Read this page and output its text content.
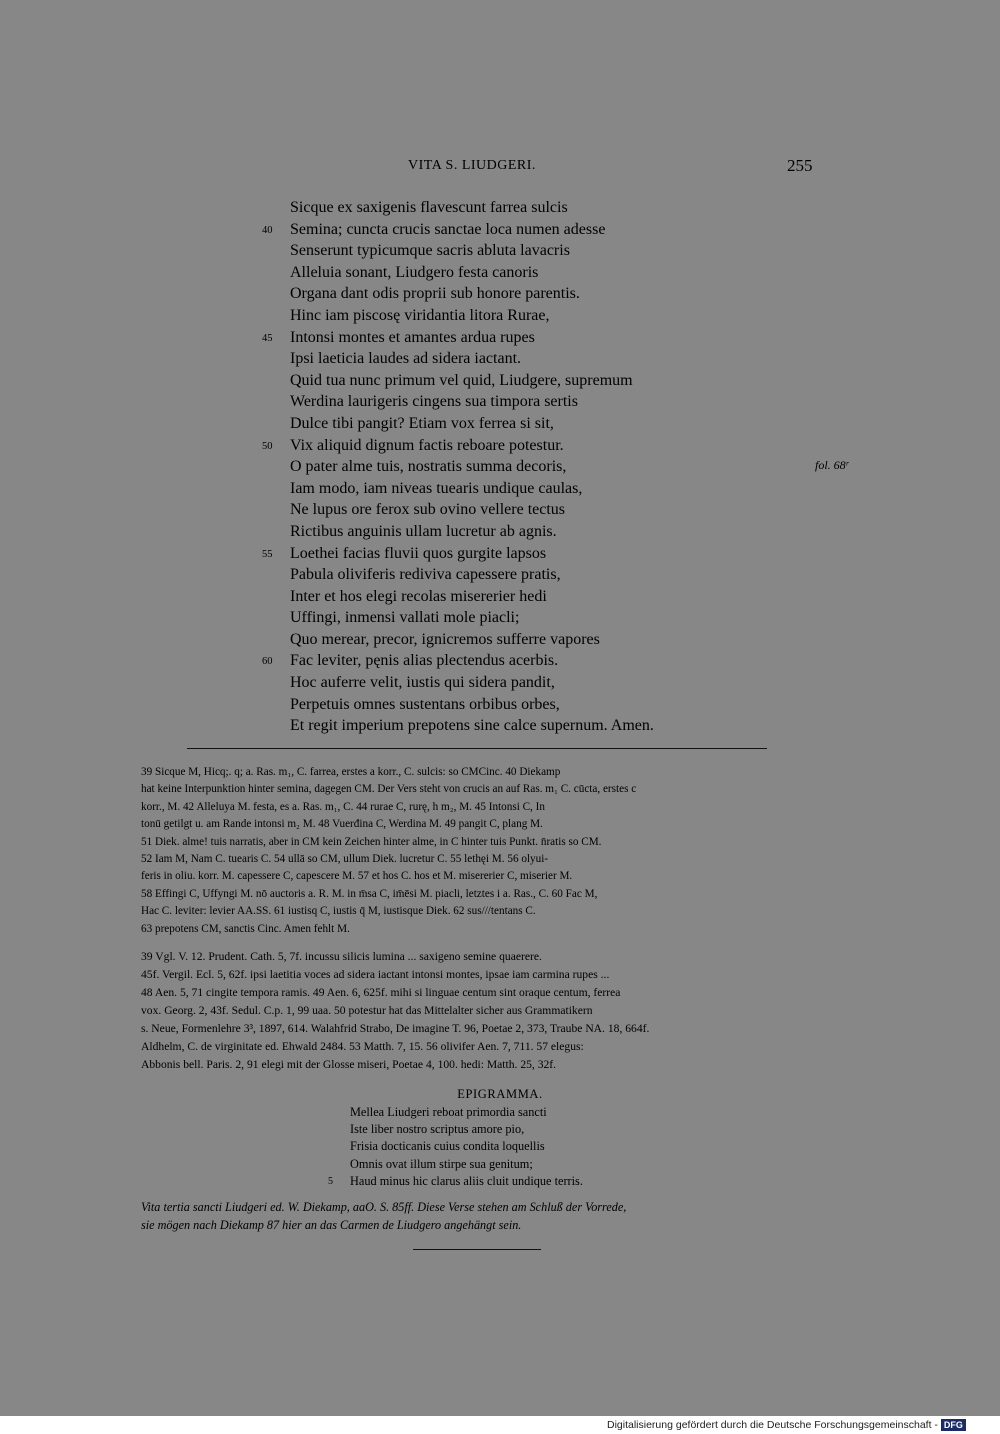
VITA S. LIUDGERI.	255
Sicque ex saxigenis flavescunt farrea sulcis
40 Semina; cuncta crucis sanctae loca numen adesse
Senserunt typicumque sacris abluta lavacris
Alleluia sonant, Liudgero festa canoris
Organa dant odis proprii sub honore parentis.
Hinc iam piscosę viridantia litora Rurae,
45 Intonsi montes et amantes ardua rupes
Ipsi laeticia laudes ad sidera iactant.
Quid tua nunc primum vel quid, Liudgere, supremum
Werdina laurigeris cingens sua timpora sertis
Dulce tibi pangit? Etiam vox ferrea si sit,
50 Vix aliquid dignum factis reboare potestur.
O pater alme tuis, nostratis summa decoris,
Iam modo, iam niveas tuearis undique caulas,
Ne lupus ore ferox sub ovino vellere tectus
Rictibus anguinis ullam lucretur ab agnis.
55 Loethei facias fluvii quos gurgite lapsos
Pabula oliviferis rediviva capessere pratis,
Inter et hos elegi recolas misererier hedi
Uffingi, inmensi vallati mole piacli;
Quo merear, precor, ignicremos sufferre vapores
60 Fac leviter, pęnis alias plectendus acerbis.
Hoc auferre velit, iustis qui sidera pandit,
Perpetuis omnes sustentans orbibus orbes,
Et regit imperium prepotens sine calce supernum. Amen.
fol. 68ʳ
39 Sicque M, Hicq;. q; a. Ras. m₁, C. farrea, erstes a korr., C. sulcis: so CMCinc. 40 Diekamp
hat keine Interpunktion hinter semina, dagegen CM. Der Vers steht von crucis an auf Ras. m₁ C. cūcta, erstes c
korr., M. 42 Alleluya M. festa, es a. Ras. m₁, C. 44 rurae C, rurę, h m₂, M. 45 Intonsi C, In
tonū getilgt u. am Rande intonsi m₂ M. 48 Vuerđina C, Werdina M. 49 pangit C, plang M.
51 Diek. alme! tuis narratis, aber in CM kein Zeichen hinter alme, in C hinter tuis Punkt. n̄ratis so CM.
52 Iam M, Nam C. tuearis C. 54 ullā so CM, ullum Diek. lucretur C. 55 lethęi M. 56 olyui-
feris in oliu. korr. M. capessere C, capescere M. 57 et hos C. hos et M. misererier C, miserier M.
58 Effingi C, Uffyngi M. nō auctoris a. R. M. in m̄sa C, im̄ēsi M. piacli, letztes i a. Ras., C. 60 Fac M,
Hac C. leviter: levier AA.SS. 61 iustisq C, iustis q̄ M, iustisque Diek. 62 sus///tentans C.
63 prepotens CM, sanctis Cinc. Amen fehlt M.
39 Vgl. V. 12. Prudent. Cath. 5, 7f. incussu silicis lumina ... saxigeno semine quaerere.
45f. Vergil. Ecl. 5, 62f. ipsi laetitia voces ad sidera iactant intonsi montes, ipsae iam carmina rupes ...
48 Aen. 5, 71 cingite tempora ramis. 49 Aen. 6, 625f. mihi si linguae centum sint oraque centum, ferrea
vox. Georg. 2, 43f. Sedul. C.p. 1, 99 uaa. 50 potestur hat das Mittelalter sicher aus Grammatikern
s. Neue, Formenlehre 3³, 1897, 614. Walahfrid Strabo, De imagine T. 96, Poetae 2, 373, Traube NA. 18, 664f.
Aldhelm, C. de virginitate ed. Ehwald 2484. 53 Matth. 7, 15. 56 olivifer Aen. 7, 711. 57 elegus:
Abbonis bell. Paris. 2, 91 elegi mit der Glosse miseri, Poetae 4, 100. hedi: Matth. 25, 32f.
EPIGRAMMA.
Mellea Liudgeri reboat primordia sancti
Iste liber nostro scriptus amore pio,
Frisia docticanis cuius condita loquellis
Omnis ovat illum stirpe sua genitum;
5 Haud minus hic clarus aliis cluit undique terris.
Vita tertia sancti Liudgeri ed. W. Diekamp, aaO. S. 85ff. Diese Verse stehen am Schluß der Vorrede,
sie mögen nach Diekamp 87 hier an das Carmen de Liudgero angehängt sein.
Digitalisierung gefördert durch die Deutsche Forschungsgemeinschaft - DFG
